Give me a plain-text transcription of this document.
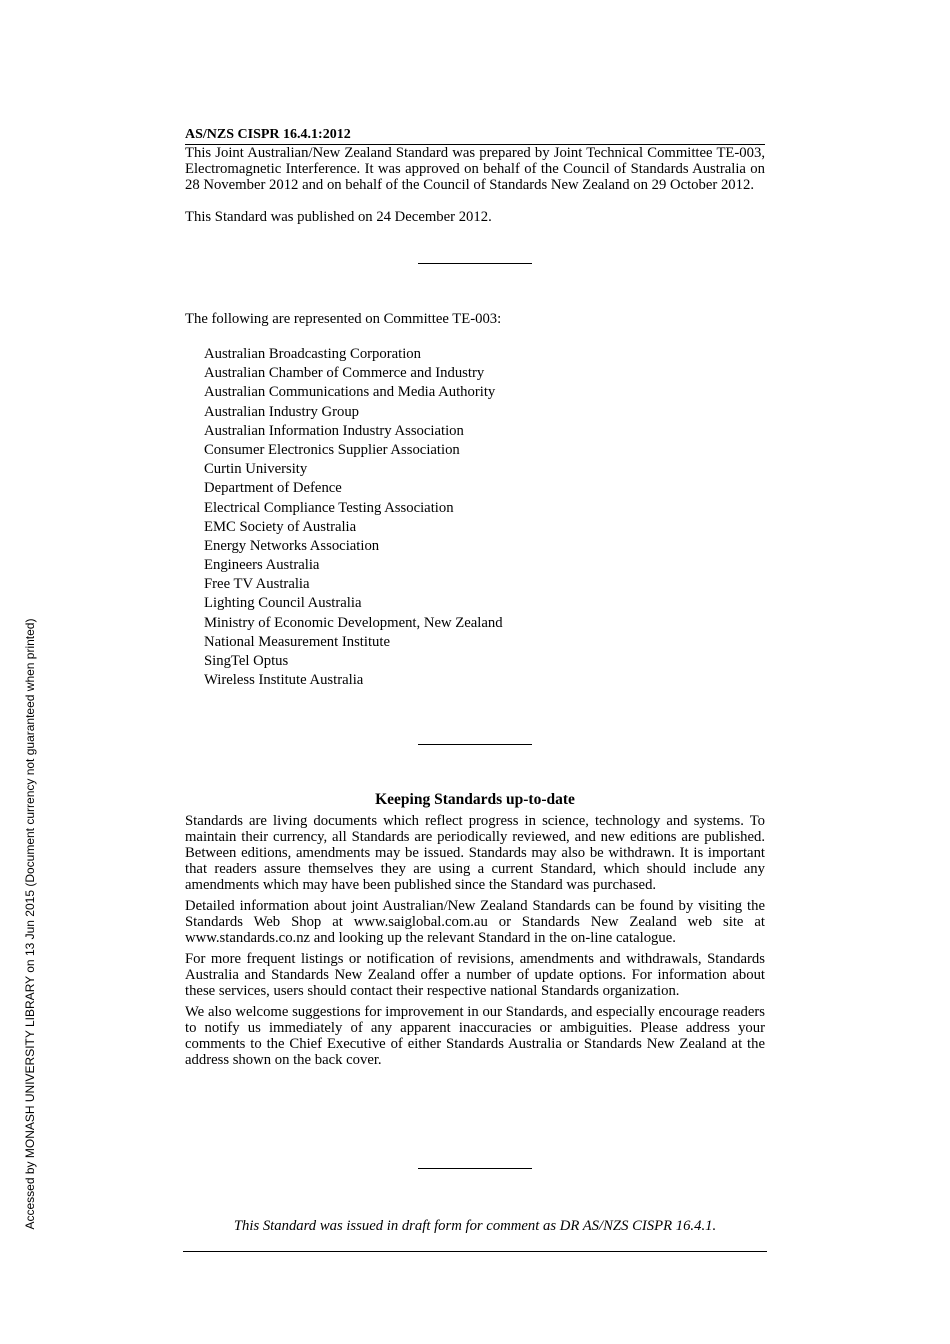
Accessed by MONASH UNIVERSITY LIBRARY on 13 Jun 2015 (Document currency not guaranteed when printed)
AS/NZS CISPR 16.4.1:2012

This Joint Australian/New Zealand Standard was prepared by Joint Technical Committee TE-003, Electromagnetic Interference. It was approved on behalf of the Council of Standards Australia on 28 November 2012 and on behalf of the Council of Standards New Zealand on 29 October 2012.

This Standard was published on 24 December 2012.
The following are represented on Committee TE-003:
Australian Broadcasting Corporation
Australian Chamber of Commerce and Industry
Australian Communications and Media Authority
Australian Industry Group
Australian Information Industry Association
Consumer Electronics Supplier Association
Curtin University
Department of Defence
Electrical Compliance Testing Association
EMC Society of Australia
Energy Networks Association
Engineers Australia
Free TV Australia
Lighting Council Australia
Ministry of Economic Development, New Zealand
National Measurement Institute
SingTel Optus
Wireless Institute Australia
Keeping Standards up-to-date

Standards are living documents which reflect progress in science, technology and systems. To maintain their currency, all Standards are periodically reviewed, and new editions are published. Between editions, amendments may be issued. Standards may also be withdrawn. It is important that readers assure themselves they are using a current Standard, which should include any amendments which may have been published since the Standard was purchased.

Detailed information about joint Australian/New Zealand Standards can be found by visiting the Standards Web Shop at www.saiglobal.com.au or Standards New Zealand web site at www.standards.co.nz and looking up the relevant Standard in the on-line catalogue.

For more frequent listings or notification of revisions, amendments and withdrawals, Standards Australia and Standards New Zealand offer a number of update options. For information about these services, users should contact their respective national Standards organization.

We also welcome suggestions for improvement in our Standards, and especially encourage readers to notify us immediately of any apparent inaccuracies or ambiguities. Please address your comments to the Chief Executive of either Standards Australia or Standards New Zealand at the address shown on the back cover.

This Standard was issued in draft form for comment as DR AS/NZS CISPR 16.4.1.
